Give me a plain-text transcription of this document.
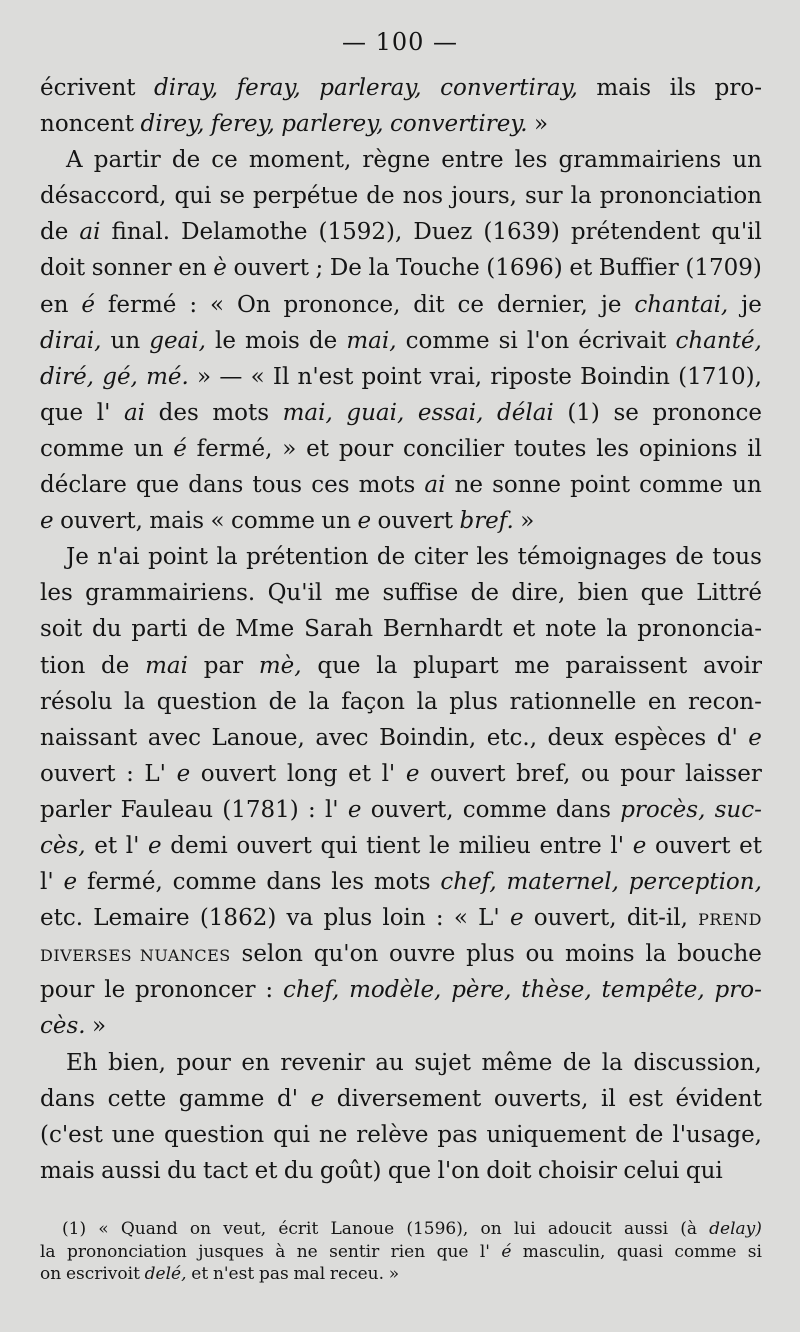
— 100 —
écrivent diray, feray, parleray, convertiray, mais ils pro-
noncent direy, ferey, parlerey, convertirey. »
A partir de ce moment, règne entre les grammairiens un
désaccord, qui se perpétue de nos jours, sur la prononciation
de ai final. Delamothe (1592), Duez (1639) prétendent qu'il
doit sonner en è ouvert ; De la Touche (1696) et Buffier (1709)
en é fermé : « On prononce, dit ce dernier, je chantai, je
dirai, un geai, le mois de mai, comme si l'on écrivait chanté,
diré, gé, mé. » — « Il n'est point vrai, riposte Boindin (1710),
que l' ai des mots mai, guai, essai, délai (1) se prononce
comme un é fermé, » et pour concilier toutes les opinions il
déclare que dans tous ces mots ai ne sonne point comme un
e ouvert, mais « comme un e ouvert bref. »
Je n'ai point la prétention de citer les témoignages de tous
les grammairiens. Qu'il me suffise de dire, bien que Littré
soit du parti de Mme Sarah Bernhardt et note la prononcia-
tion de mai par mè, que la plupart me paraissent avoir
résolu la question de la façon la plus rationnelle en recon-
naissant avec Lanoue, avec Boindin, etc., deux espèces d' e
ouvert : L' e ouvert long et l' e ouvert bref, ou pour laisser
parler Fauleau (1781) : l' e ouvert, comme dans procès, suc-
cès, et l' e demi ouvert qui tient le milieu entre l' e ouvert et
l' e fermé, comme dans les mots chef, maternel, perception,
etc. Lemaire (1862) va plus loin : « L' e ouvert, dit-il, prend
diverses nuances selon qu'on ouvre plus ou moins la bouche
pour le prononcer : chef, modèle, père, thèse, tempête, pro-
cès. »
Eh bien, pour en revenir au sujet même de la discussion,
dans cette gamme d' e diversement ouverts, il est évident
(c'est une question qui ne relève pas uniquement de l'usage,
mais aussi du tact et du goût) que l'on doit choisir celui qui
(1) « Quand on veut, écrit Lanoue (1596), on lui adoucit aussi (à delay)
la prononciation jusques à ne sentir rien que l' é masculin, quasi comme si
on escrivoit delé, et n'est pas mal receu. »
